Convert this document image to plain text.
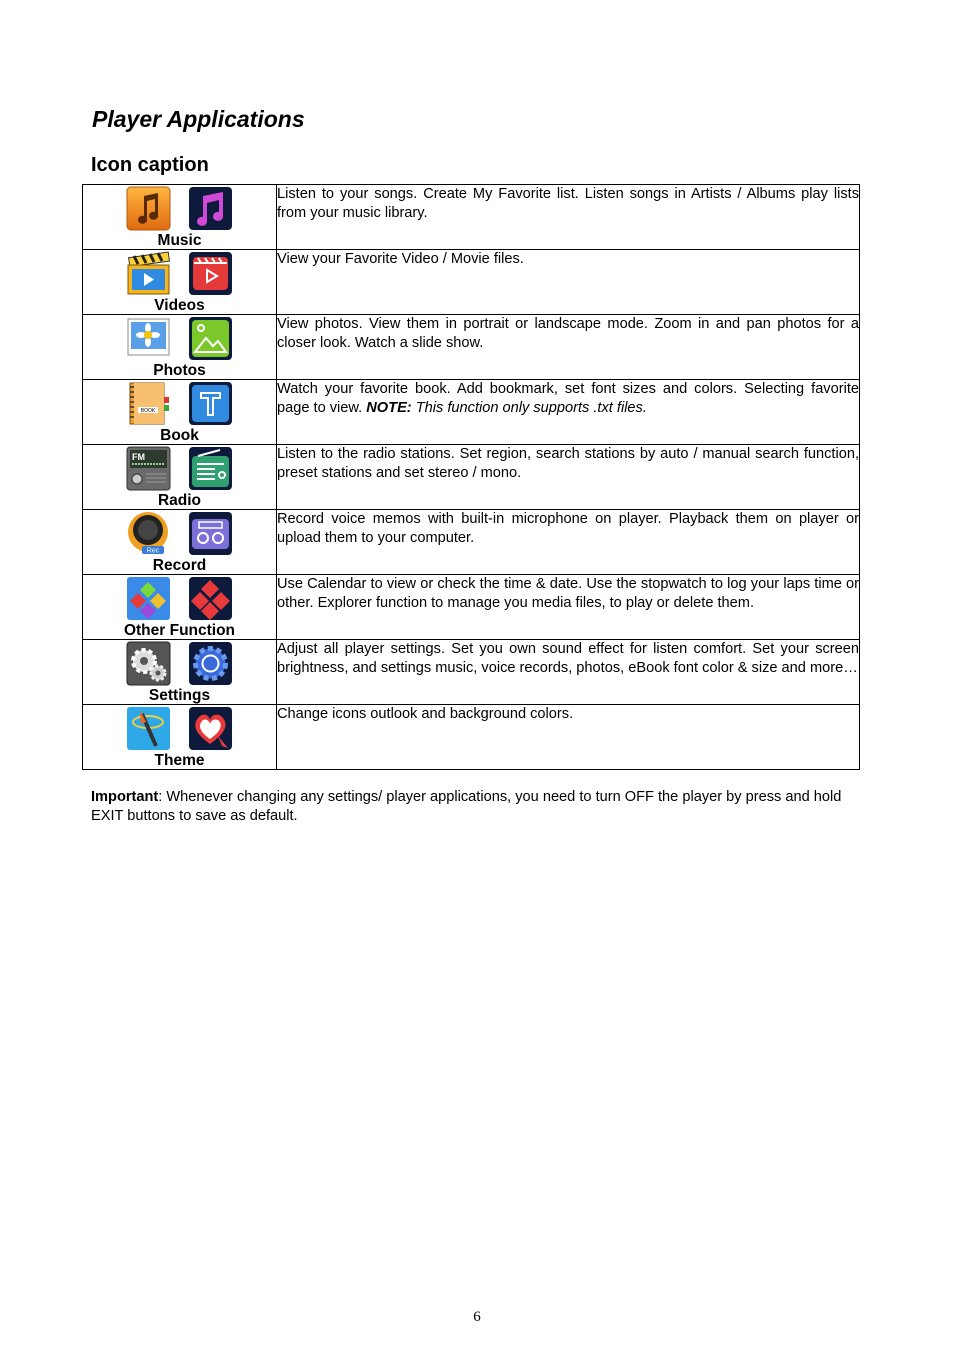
Player Applications
Icon caption
Music	Listen to your songs. Create My Favorite list. Listen songs in Artists / Albums play lists from your music library.

Videos	View your Favorite Video / Movie files.

Photos	View photos. View them in portrait or landscape mode. Zoom in and pan photos for a closer look. Watch a slide show.

BOOK
Book	Watch your favorite book. Add bookmark, set font sizes and colors. Selecting favorite page to view. NOTE: This function only supports .txt files.

FM
Radio	Listen to the radio stations. Set region, search stations by auto / manual search function, preset stations and set stereo / mono.

Rec
Record	Record voice memos with built-in microphone on player. Playback them on player or upload them to your computer.

Other Function	Use Calendar to view or check the time & date. Use the stopwatch to log your laps time or other. Explorer function to manage you media files, to play or delete them.

Settings	Adjust all player settings. Set you own sound effect for listen comfort. Set your screen brightness, and settings music, voice records, photos, eBook font color & size and more…

Theme	Change icons outlook and background colors.

Important: Whenever changing any settings/ player applications, you need to turn OFF the player by press and hold EXIT buttons to save as default.

6
